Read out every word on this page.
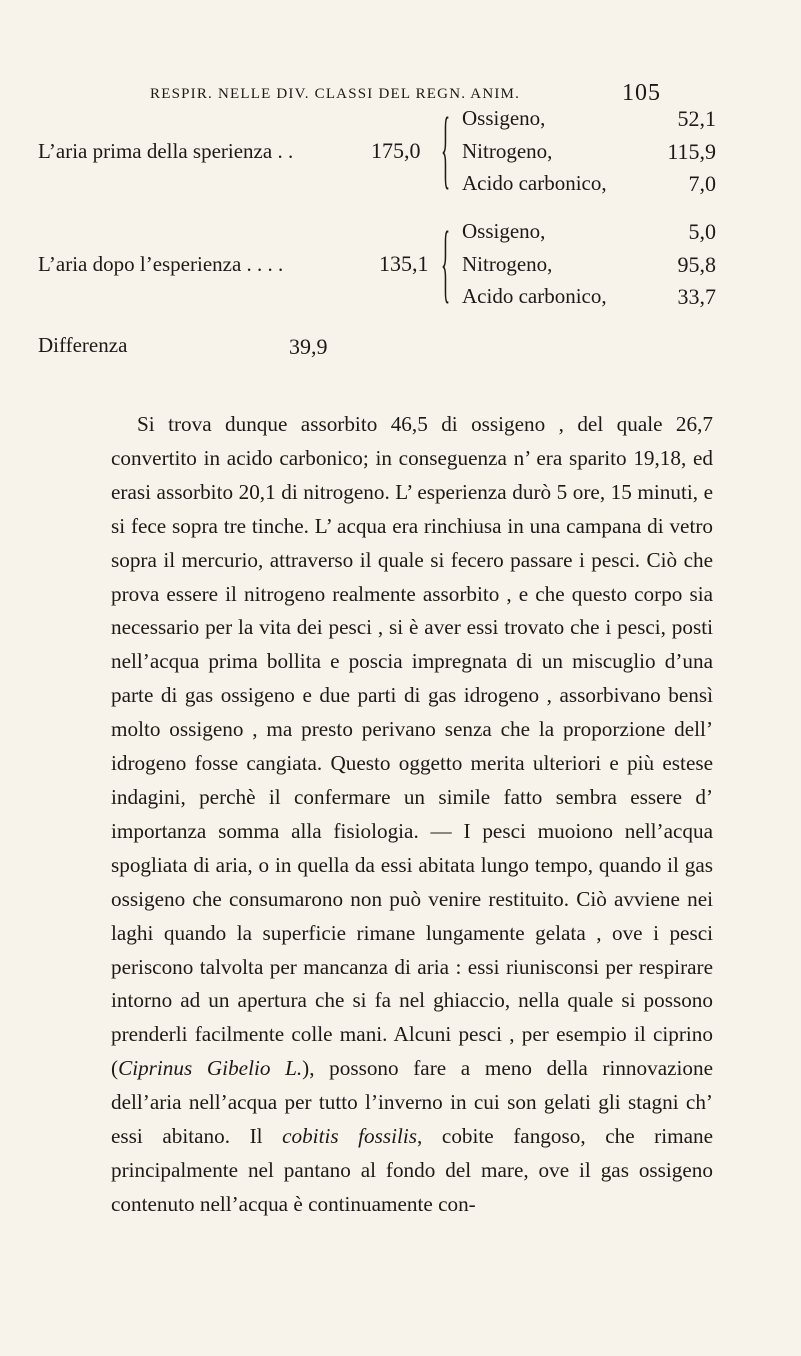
RESPIR. NELLE DIV. CLASSI DEL REGN. ANIM.	105
L’aria prima della sperienza . .	175,0 { Ossigeno,	52,1
Nitrogeno,	115,9
Acido carbonico,	7,0
L’aria dopo l’esperienza . . . .	135,1 { Ossigeno,	5,0
Nitrogeno,	95,8
Acido carbonico,	33,7
Differenza	39,9

Si trova dunque assorbito 46,5 di ossigeno , del quale 26,7 convertito in acido carbonico; in conseguenza n’ era sparito 19,18, ed erasi assorbito 20,1 di nitrogeno. L’ esperienza durò 5 ore, 15 minuti, e si fece sopra tre tinche. L’ acqua era rinchiusa in una campana di vetro sopra il mercurio, attraverso il quale si fecero passare i pesci. Ciò che prova essere il nitrogeno realmente assorbito , e che questo corpo sia necessario per la vita dei pesci , si è aver essi trovato che i pesci, posti nell’acqua prima bollita e poscia impregnata di un miscuglio d’una parte di gas ossigeno e due parti di gas idrogeno , assorbivano bensì molto ossigeno , ma presto perivano senza che la proporzione dell’ idrogeno fosse cangiata. Questo oggetto merita ulteriori e più estese indagini, perchè il confermare un simile fatto sembra essere d’ importanza somma alla fisiologia. — I pesci muoiono nell’acqua spogliata di aria, o in quella da essi abitata lungo tempo, quando il gas ossigeno che consumarono non può venire restituito. Ciò avviene nei laghi quando la superficie rimane lungamente gelata , ove i pesci periscono talvolta per mancanza di aria : essi riunisconsi per respirare intorno ad un apertura che si fa nel ghiaccio, nella quale si possono prenderli facilmente colle mani. Alcuni pesci , per esempio il ciprino (Ciprinus Gibelio L.), possono fare a meno della rinnovazione dell’aria nell’acqua per tutto l’inverno in cui son gelati gli stagni ch’ essi abitano. Il cobitis fossilis, cobite fangoso, che rimane principalmente nel pantano al fondo del mare, ove il gas ossigeno contenuto nell’acqua è continuamente con-
